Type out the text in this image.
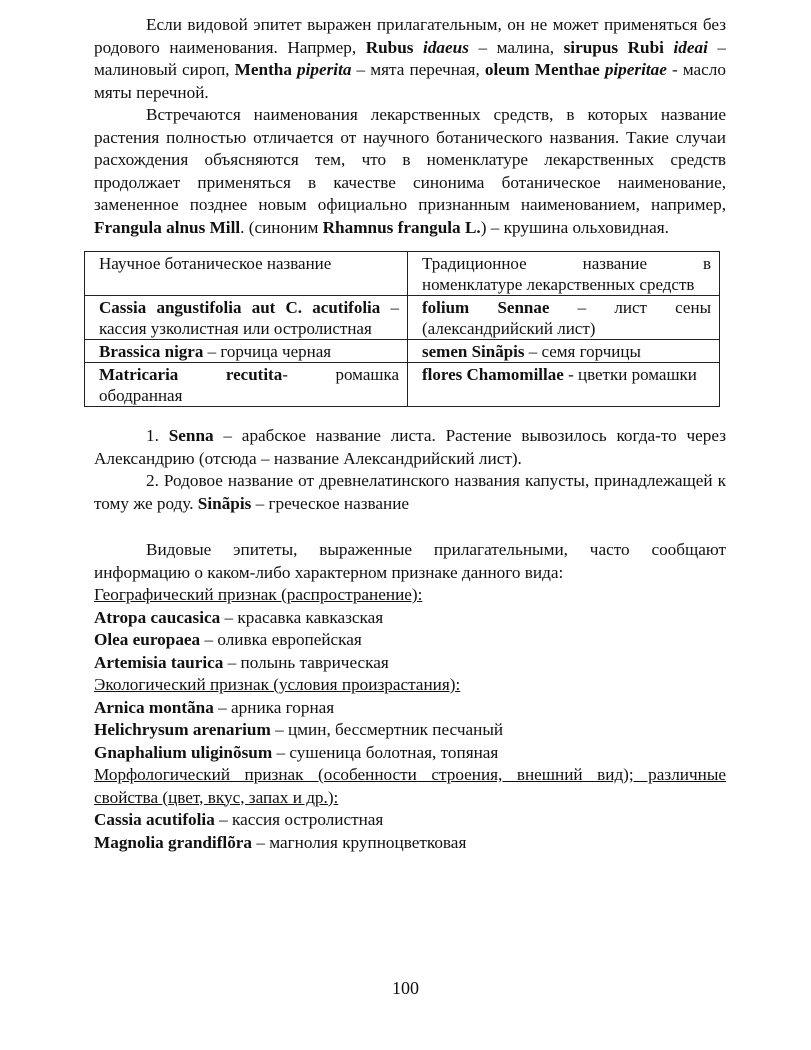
Если видовой эпитет выражен прилагательным, он не может применяться без родового наименования. Напрмер, Rubus idaeus – малина, sirupus Rubi ideai – малиновый сироп, Mentha piperita – мята перечная, oleum Menthae piperitae - масло мяты перечной.

Встречаются наименования лекарственных средств, в которых название растения полностью отличается от научного ботанического названия. Такие случаи расхождения объясняются тем, что в номенклатуре лекарственных средств продолжает применяться в качестве синонима ботаническое наименование, замененное позднее новым официально признанным наименованием, например, Frangula alnus Mill. (синоним Rhamnus frangula L.) – крушина ольховидная.

Научное ботаническое название	Традиционное название в номенклатуре лекарственных средств
Cassia angustifolia aut C. acutifolia – кассия узколистная или остролистная	folium Sennae – лист сены (александрийский лист)
Brassica nigra – горчица черная	semen Sinãpis – семя горчицы
Matricaria recutita- ромашка ободранная	flores Chamomillae - цветки ромашки

1. Senna – арабское название листа. Растение вывозилось когда-то через Александрию (отсюда – название Александрийский лист).

2. Родовое название от древнелатинского названия капусты, принадлежащей к тому же роду. Sinãpis – греческое название

Видовые эпитеты, выраженные прилагательными, часто сообщают информацию о каком-либо характерном признаке данного вида:

Географический признак (распространение):
Atropa caucasica – красавка кавказская
Olea europaea – оливка европейская
Artemisia taurica – полынь таврическая
Экологический признак (условия произрастания):
Arnica montãna – арника горная
Helichrysum arenarium – цмин, бессмертник песчаный
Gnaphalium uliginõsum – сушеница болотная, топяная

Морфологический признак (особенности строения, внешний вид); различные свойства (цвет, вкус, запах и др.):

Cassia acutifolia – кассия остролистная
Magnolia grandiflõra – магнолия крупноцветковая
100
